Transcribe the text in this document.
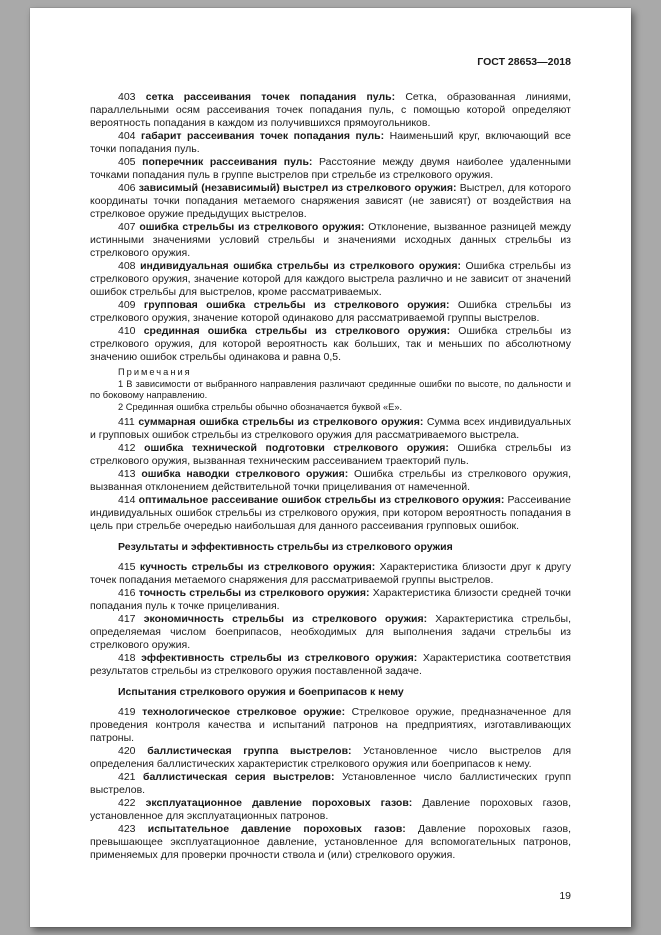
ГОСТ 28653—2018

403 сетка рассеивания точек попадания пуль: Сетка, образованная линиями, параллельными осям рассеивания точек попадания пуль, с помощью которой определяют вероятность попадания в каждом из получившихся прямоугольников.

404 габарит рассеивания точек попадания пуль: Наименьший круг, включающий все точки попадания пуль.

405 поперечник рассеивания пуль: Расстояние между двумя наиболее удаленными точками попадания пуль в группе выстрелов при стрельбе из стрелкового оружия.

406 зависимый (независимый) выстрел из стрелкового оружия: Выстрел, для которого координаты точки попадания метаемого снаряжения зависят (не зависят) от воздействия на стрелковое оружие предыдущих выстрелов.

407 ошибка стрельбы из стрелкового оружия: Отклонение, вызванное разницей между истинными значениями условий стрельбы и значениями исходных данных стрельбы из стрелкового оружия.

408 индивидуальная ошибка стрельбы из стрелкового оружия: Ошибка стрельбы из стрелкового оружия, значение которой для каждого выстрела различно и не зависит от значений ошибок стрельбы для выстрелов, кроме рассматриваемых.

409 групповая ошибка стрельбы из стрелкового оружия: Ошибка стрельбы из стрелкового оружия, значение которой одинаково для рассматриваемой группы выстрелов.

410 срединная ошибка стрельбы из стрелкового оружия: Ошибка стрельбы из стрелкового оружия, для которой вероятность как больших, так и меньших по абсолютному значению ошибок стрельбы одинакова и равна 0,5.

Примечания

1 В зависимости от выбранного направления различают срединные ошибки по высоте, по дальности и по боковому направлению.

2 Срединная ошибка стрельбы обычно обозначается буквой «Е».

411 суммарная ошибка стрельбы из стрелкового оружия: Сумма всех индивидуальных и групповых ошибок стрельбы из стрелкового оружия для рассматриваемого выстрела.

412 ошибка технической подготовки стрелкового оружия: Ошибка стрельбы из стрелкового оружия, вызванная техническим рассеиванием траекторий пуль.

413 ошибка наводки стрелкового оружия: Ошибка стрельбы из стрелкового оружия, вызванная отклонением действительной точки прицеливания от намеченной.

414 оптимальное рассеивание ошибок стрельбы из стрелкового оружия: Рассеивание индивидуальных ошибок стрельбы из стрелкового оружия, при котором вероятность попадания в цель при стрельбе очередью наибольшая для данного рассеивания групповых ошибок.

Результаты и эффективность стрельбы из стрелкового оружия

415 кучность стрельбы из стрелкового оружия: Характеристика близости друг к другу точек попадания метаемого снаряжения для рассматриваемой группы выстрелов.

416 точность стрельбы из стрелкового оружия: Характеристика близости средней точки попадания пуль к точке прицеливания.

417 экономичность стрельбы из стрелкового оружия: Характеристика стрельбы, определяемая числом боеприпасов, необходимых для выполнения задачи стрельбы из стрелкового оружия.

418 эффективность стрельбы из стрелкового оружия: Характеристика соответствия результатов стрельбы из стрелкового оружия поставленной задаче.

Испытания стрелкового оружия и боеприпасов к нему

419 технологическое стрелковое оружие: Стрелковое оружие, предназначенное для проведения контроля качества и испытаний патронов на предприятиях, изготавливающих патроны.

420 баллистическая группа выстрелов: Установленное число выстрелов для определения баллистических характеристик стрелкового оружия или боеприпасов к нему.

421 баллистическая серия выстрелов: Установленное число баллистических групп выстрелов.

422 эксплуатационное давление пороховых газов: Давление пороховых газов, установленное для эксплуатационных патронов.

423 испытательное давление пороховых газов: Давление пороховых газов, превышающее эксплуатационное давление, установленное для вспомогательных патронов, применяемых для проверки прочности ствола и (или) стрелкового оружия.

19
